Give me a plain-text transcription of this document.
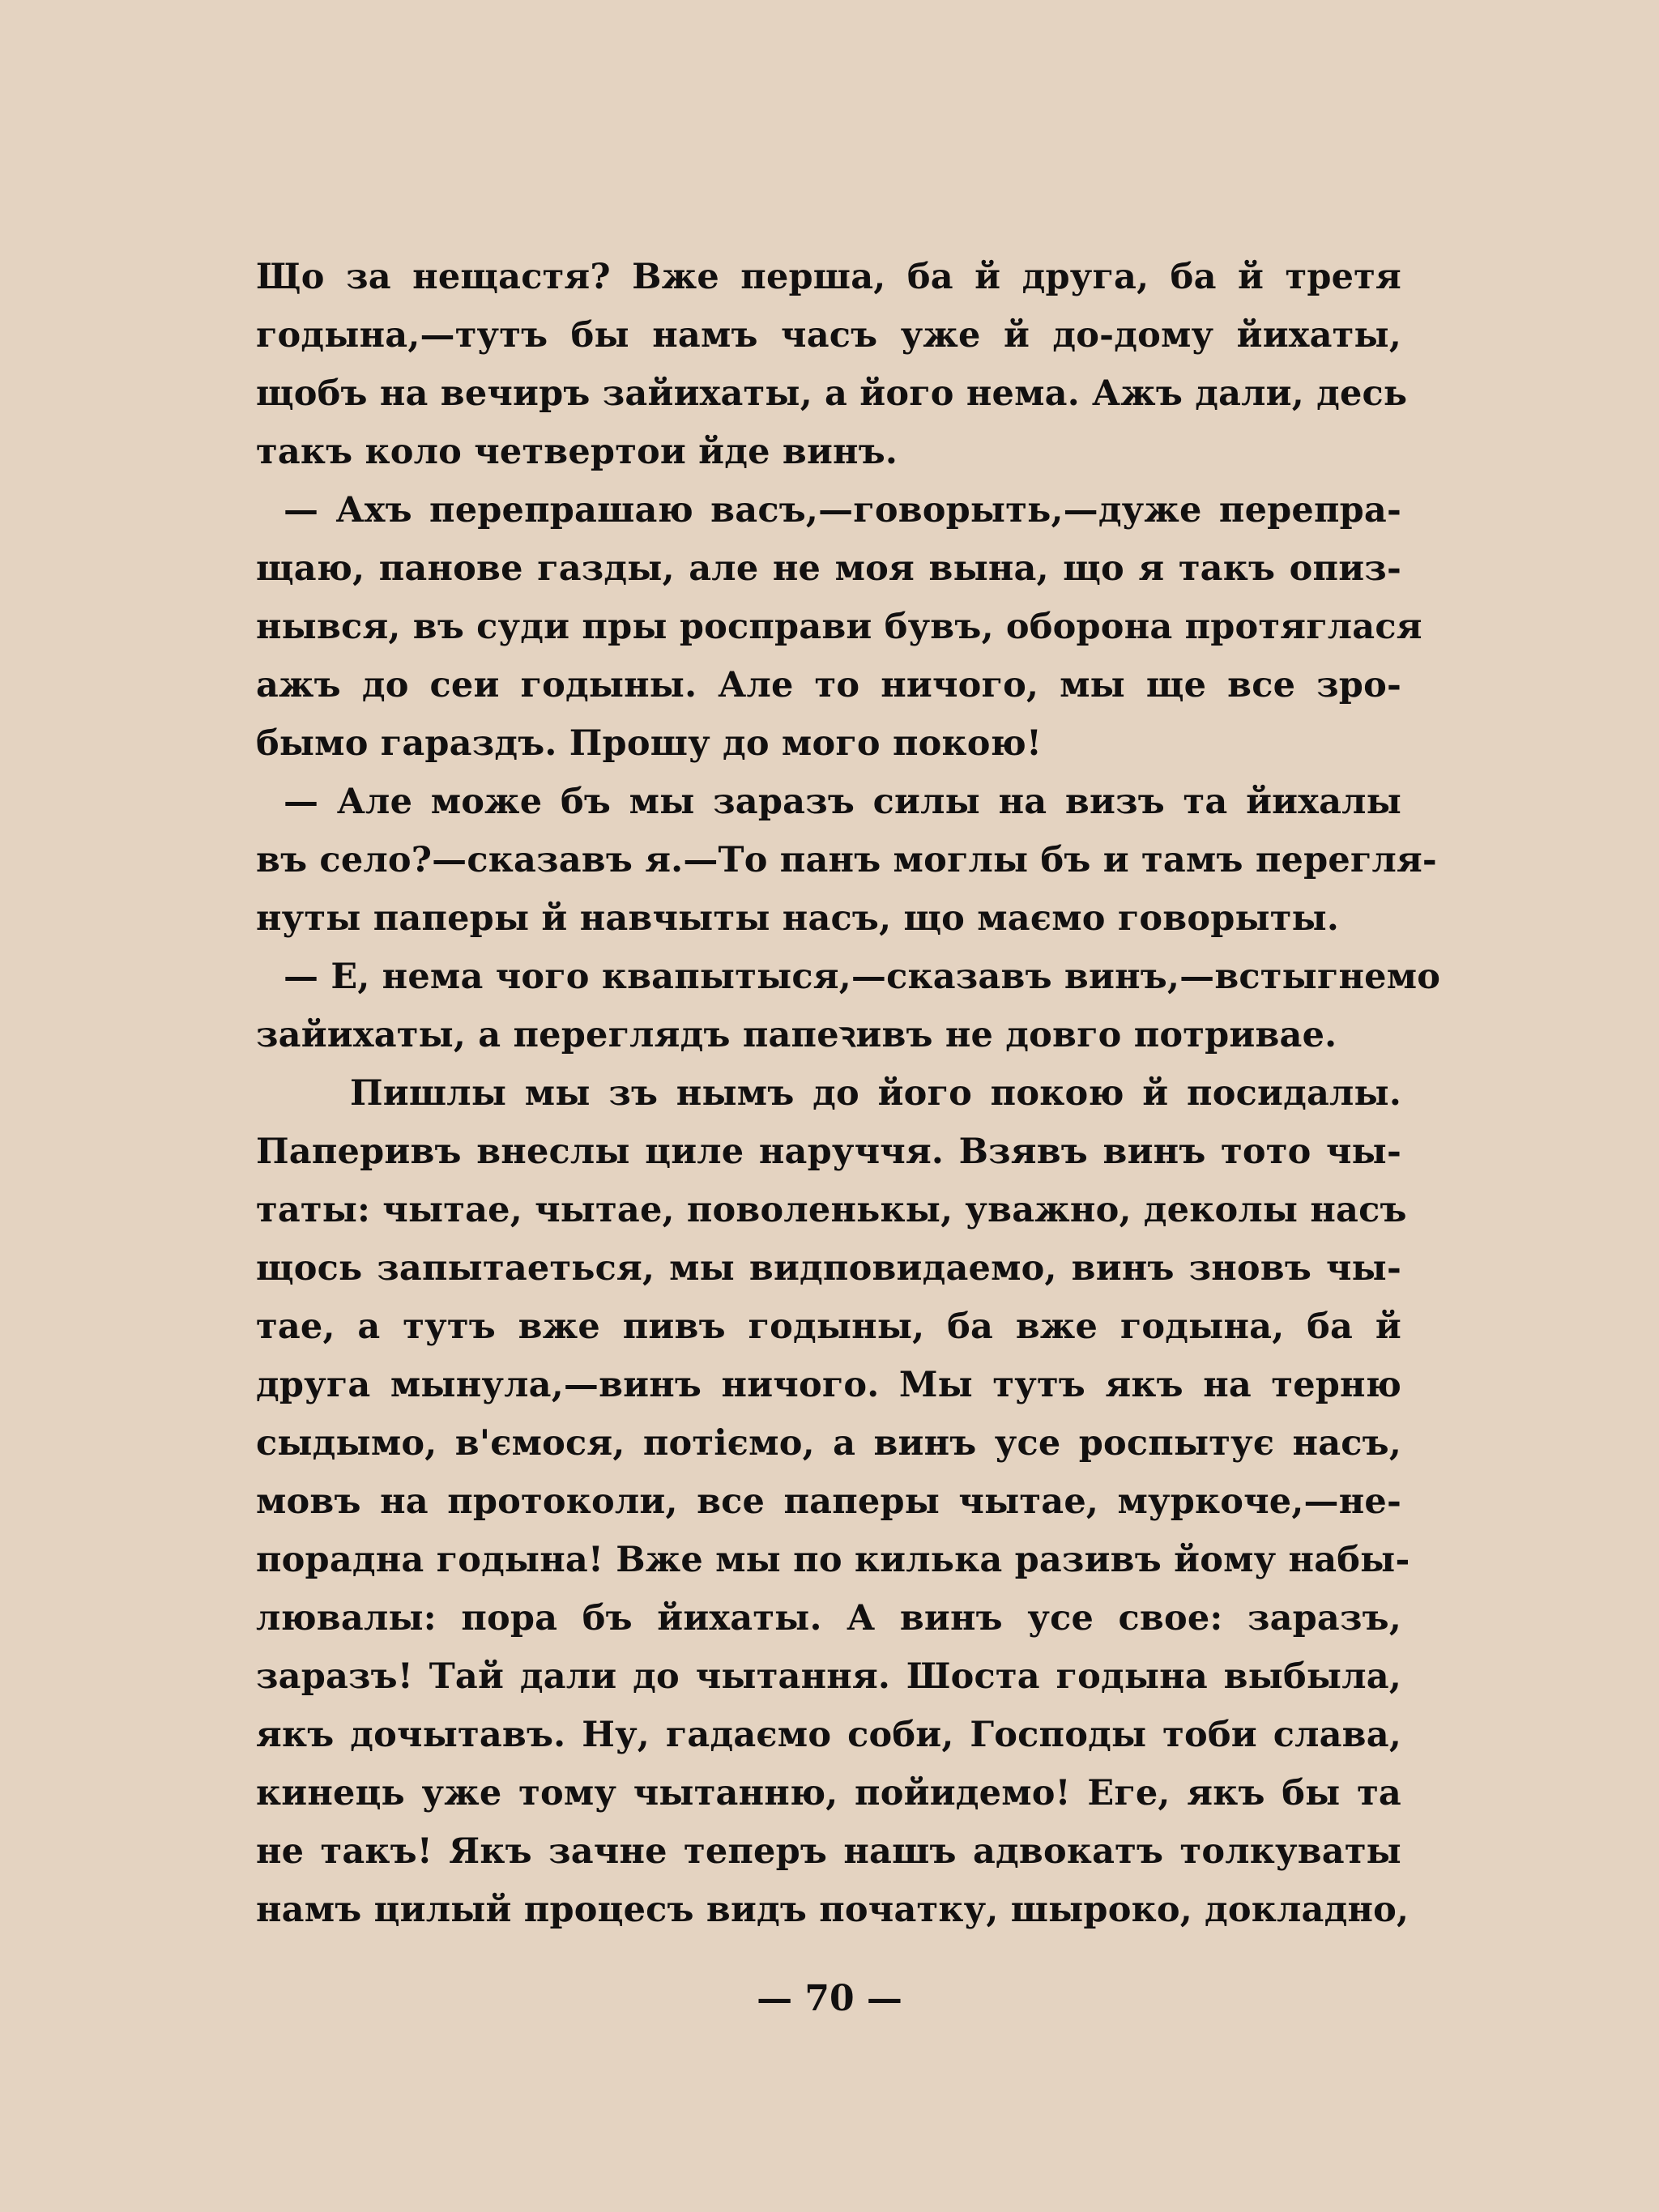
Що за нещастя? Вже перша, ба й друга, ба й третя
годына,—тутъ бы намъ часъ уже й до-дому йихаты,
щобъ на вечиръ зайихаты, а його нема. Ажъ дали, десь
такъ коло четвертои йде винъ.
— Ахъ перепрашаю васъ,—говорыть,—дуже перепра-
щаю, панове газды, але не моя вына, що я такъ опиз-
нывся, въ суди пры росправи бувъ, оборона протяглася
ажъ до сеи годыны. Але то ничого, мы ще все зро-
бымо гараздъ. Прошу до мого покою!
— Але може бъ мы заразъ силы на визъ та йихалы
въ село?—сказавъ я.—То панъ моглы бъ и тамъ перегля-
нуты паперы й навчыты насъ, що маємо говорыты.
— Е, нема чого квапытыся,—сказавъ винъ,—встыгнемо
зайихаты, а переглядъ папеꝛивъ не довго потривае.
Пишлы мы зъ нымъ до його покою й посидалы.
Паперивъ внеслы циле наруччя. Взявъ винъ тото чы-
таты: чытае, чытае, поволенькы, уважно, деколы насъ
щось запытаеться, мы видповидаемо, винъ зновъ чы-
тае, а тутъ вже пивъ годыны, ба вже годына, ба й
друга мынула,—винъ ничого. Мы тутъ якъ на терню
сыдымо, в'ємося, потіємо, а винъ усе роспытує насъ,
мовъ на протоколи, все паперы чытае, муркоче,—не-
порадна годына! Вже мы по килька разивъ йому набы-
лювалы: пора бъ йихаты. А винъ усе свое: заразъ,
заразъ! Тай дали до чытання. Шоста годына выбыла,
якъ дочытавъ. Ну, гадаємо соби, Господы тоби слава,
кинець уже тому чытанню, пойидемо! Еге, якъ бы та
не такъ! Якъ зачне теперъ нашъ адвокатъ толкуваты
намъ цилый процесъ видъ початку, шыроко, докладно,
— 70 —
